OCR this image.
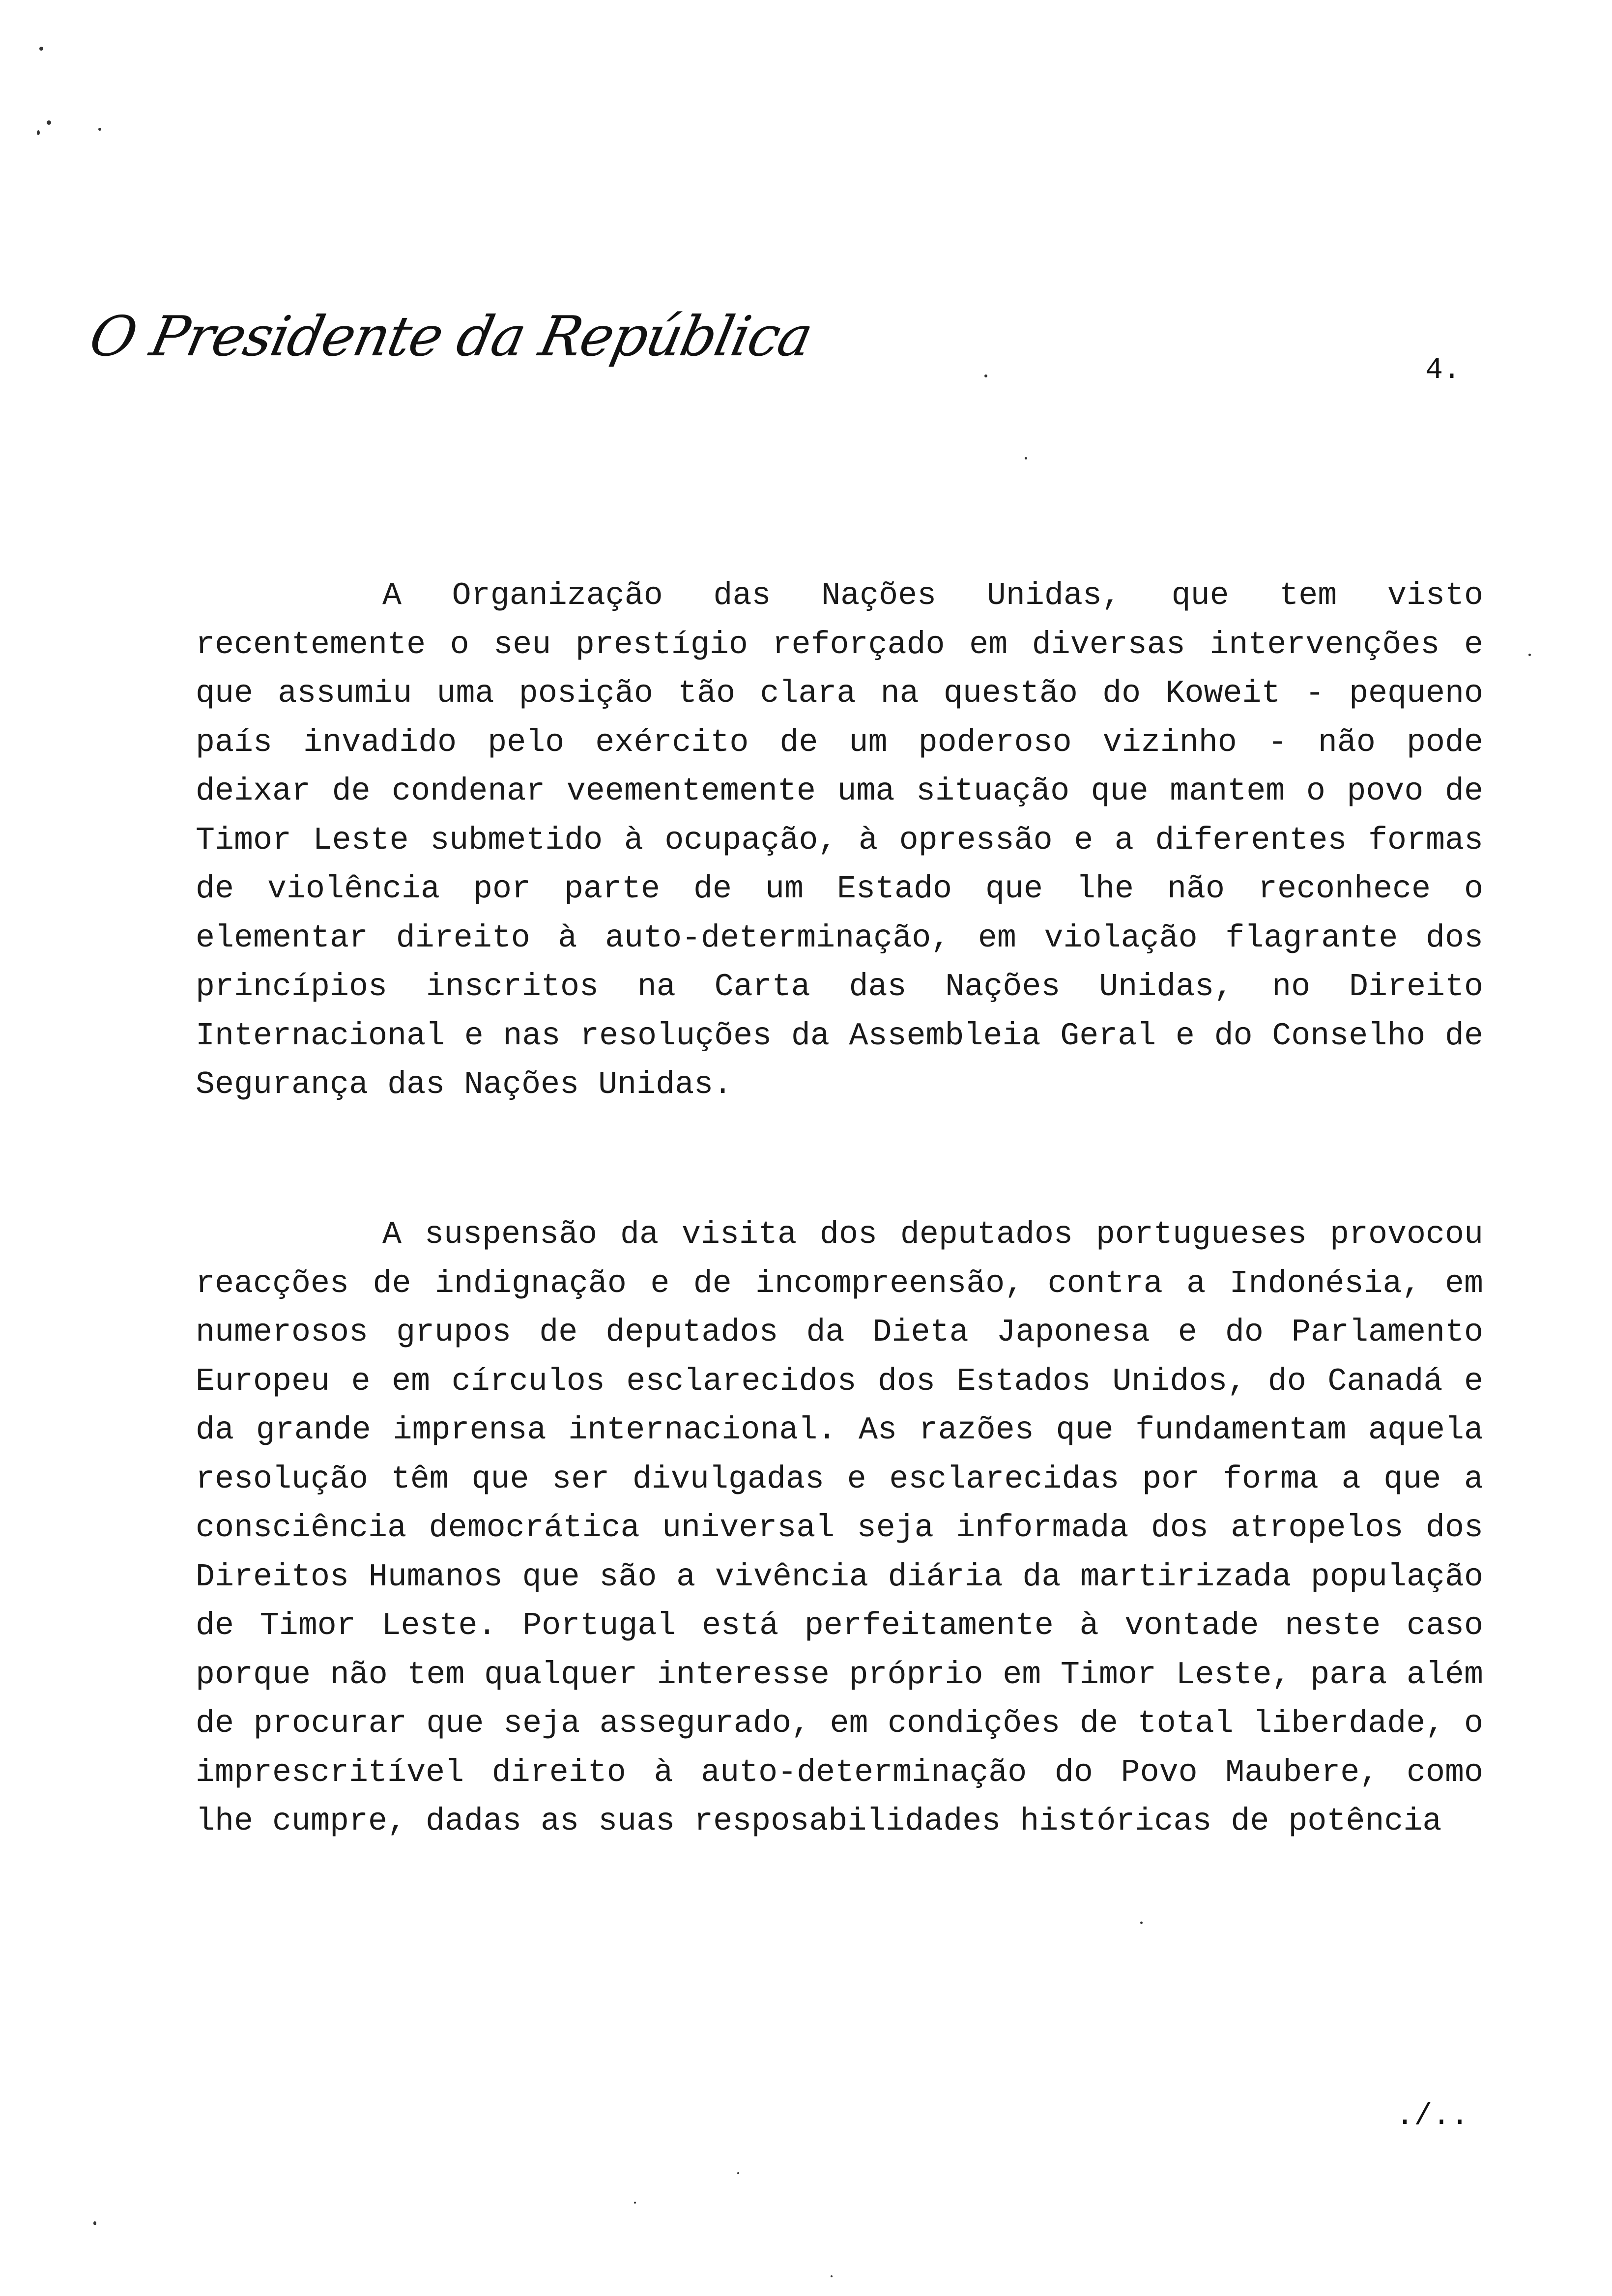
O Presidente da República
4.

A Organização das Nações Unidas, que tem visto recentemente o seu prestígio reforçado em diversas intervenções e que assumiu uma posição tão clara na questão do Koweit - pequeno país invadido pelo exército de um poderoso vizinho - não pode deixar de condenar veementemente uma situação que mantem o povo de Timor Leste submetido à ocupação, à opressão e a diferentes formas de violência por parte de um Estado que lhe não reconhece o elementar direito à auto-determinação, em violação flagrante dos princípios inscritos na Carta das Nações Unidas, no Direito Internacional e nas resoluções da Assembleia Geral e do Conselho de Segurança das Nações Unidas.

A suspensão da visita dos deputados portugueses provocou reacções de indignação e de incompreensão, contra a Indonésia, em numerosos grupos de deputados da Dieta Japonesa e do Parlamento Europeu e em círculos esclarecidos dos Estados Unidos, do Canadá e da grande imprensa internacional. As razões que fundamentam aquela resolução têm que ser divulgadas e esclarecidas por forma a que a consciência democrática universal seja informada dos atropelos dos Direitos Humanos que são a vivência diária da martirizada população de Timor Leste. Portugal está perfeitamente à vontade neste caso porque não tem qualquer interesse próprio em Timor Leste, para além de procurar que seja assegurado, em condições de total liberdade, o imprescritível direito à auto-determinação do Povo Maubere, como lhe cumpre, dadas as suas resposabilidades históricas de potência

./..
